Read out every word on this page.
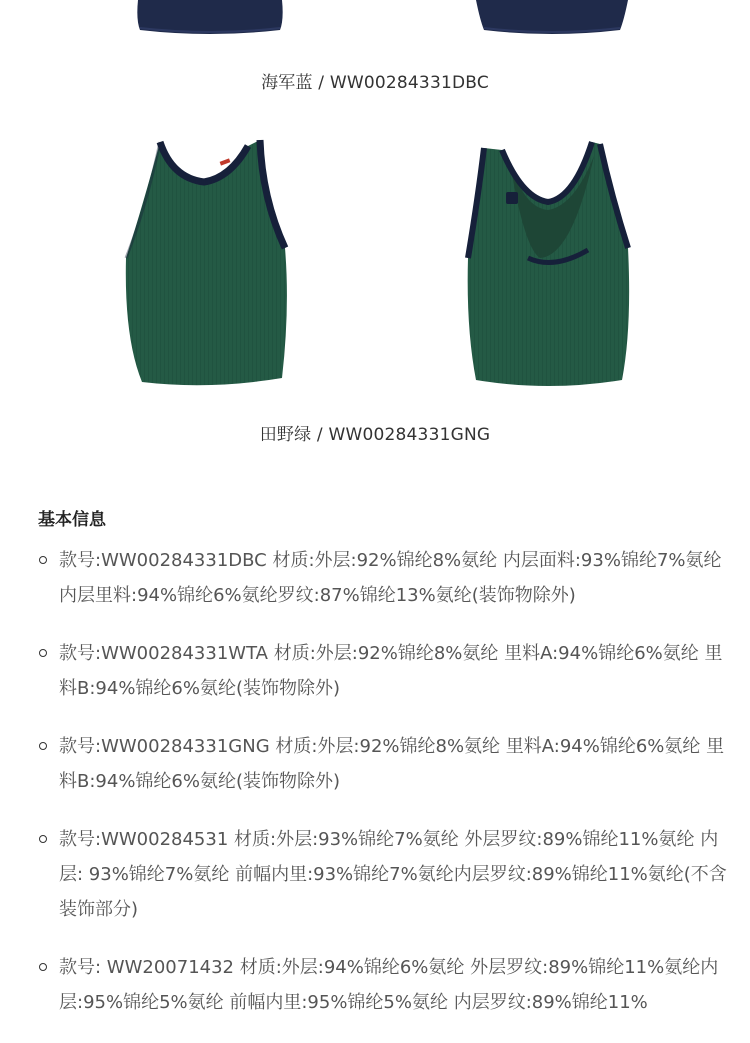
海军蓝 / WW00284331DBC
田野绿 / WW00284331GNG
基本信息
款号:WW00284331DBC 材质:外层:92%锦纶8%氨纶 内层面料:93%锦纶7%氨纶 内层里料:94%锦纶6%氨纶罗纹:87%锦纶13%氨纶(装饰物除外)
款号:WW00284331WTA 材质:外层:92%锦纶8%氨纶 里料A:94%锦纶6%氨纶 里料B:94%锦纶6%氨纶(装饰物除外)
款号:WW00284331GNG 材质:外层:92%锦纶8%氨纶 里料A:94%锦纶6%氨纶 里料B:94%锦纶6%氨纶(装饰物除外)
款号:WW00284531 材质:外层:93%锦纶7%氨纶 外层罗纹:89%锦纶11%氨纶 内层: 93%锦纶7%氨纶 前幅内里:93%锦纶7%氨纶内层罗纹:89%锦纶11%氨纶(不含装饰部分)
款号: WW20071432 材质:外层:94%锦纶6%氨纶 外层罗纹:89%锦纶11%氨纶内层:95%锦纶5%氨纶 前幅内里:95%锦纶5%氨纶 内层罗纹:89%锦纶11%
